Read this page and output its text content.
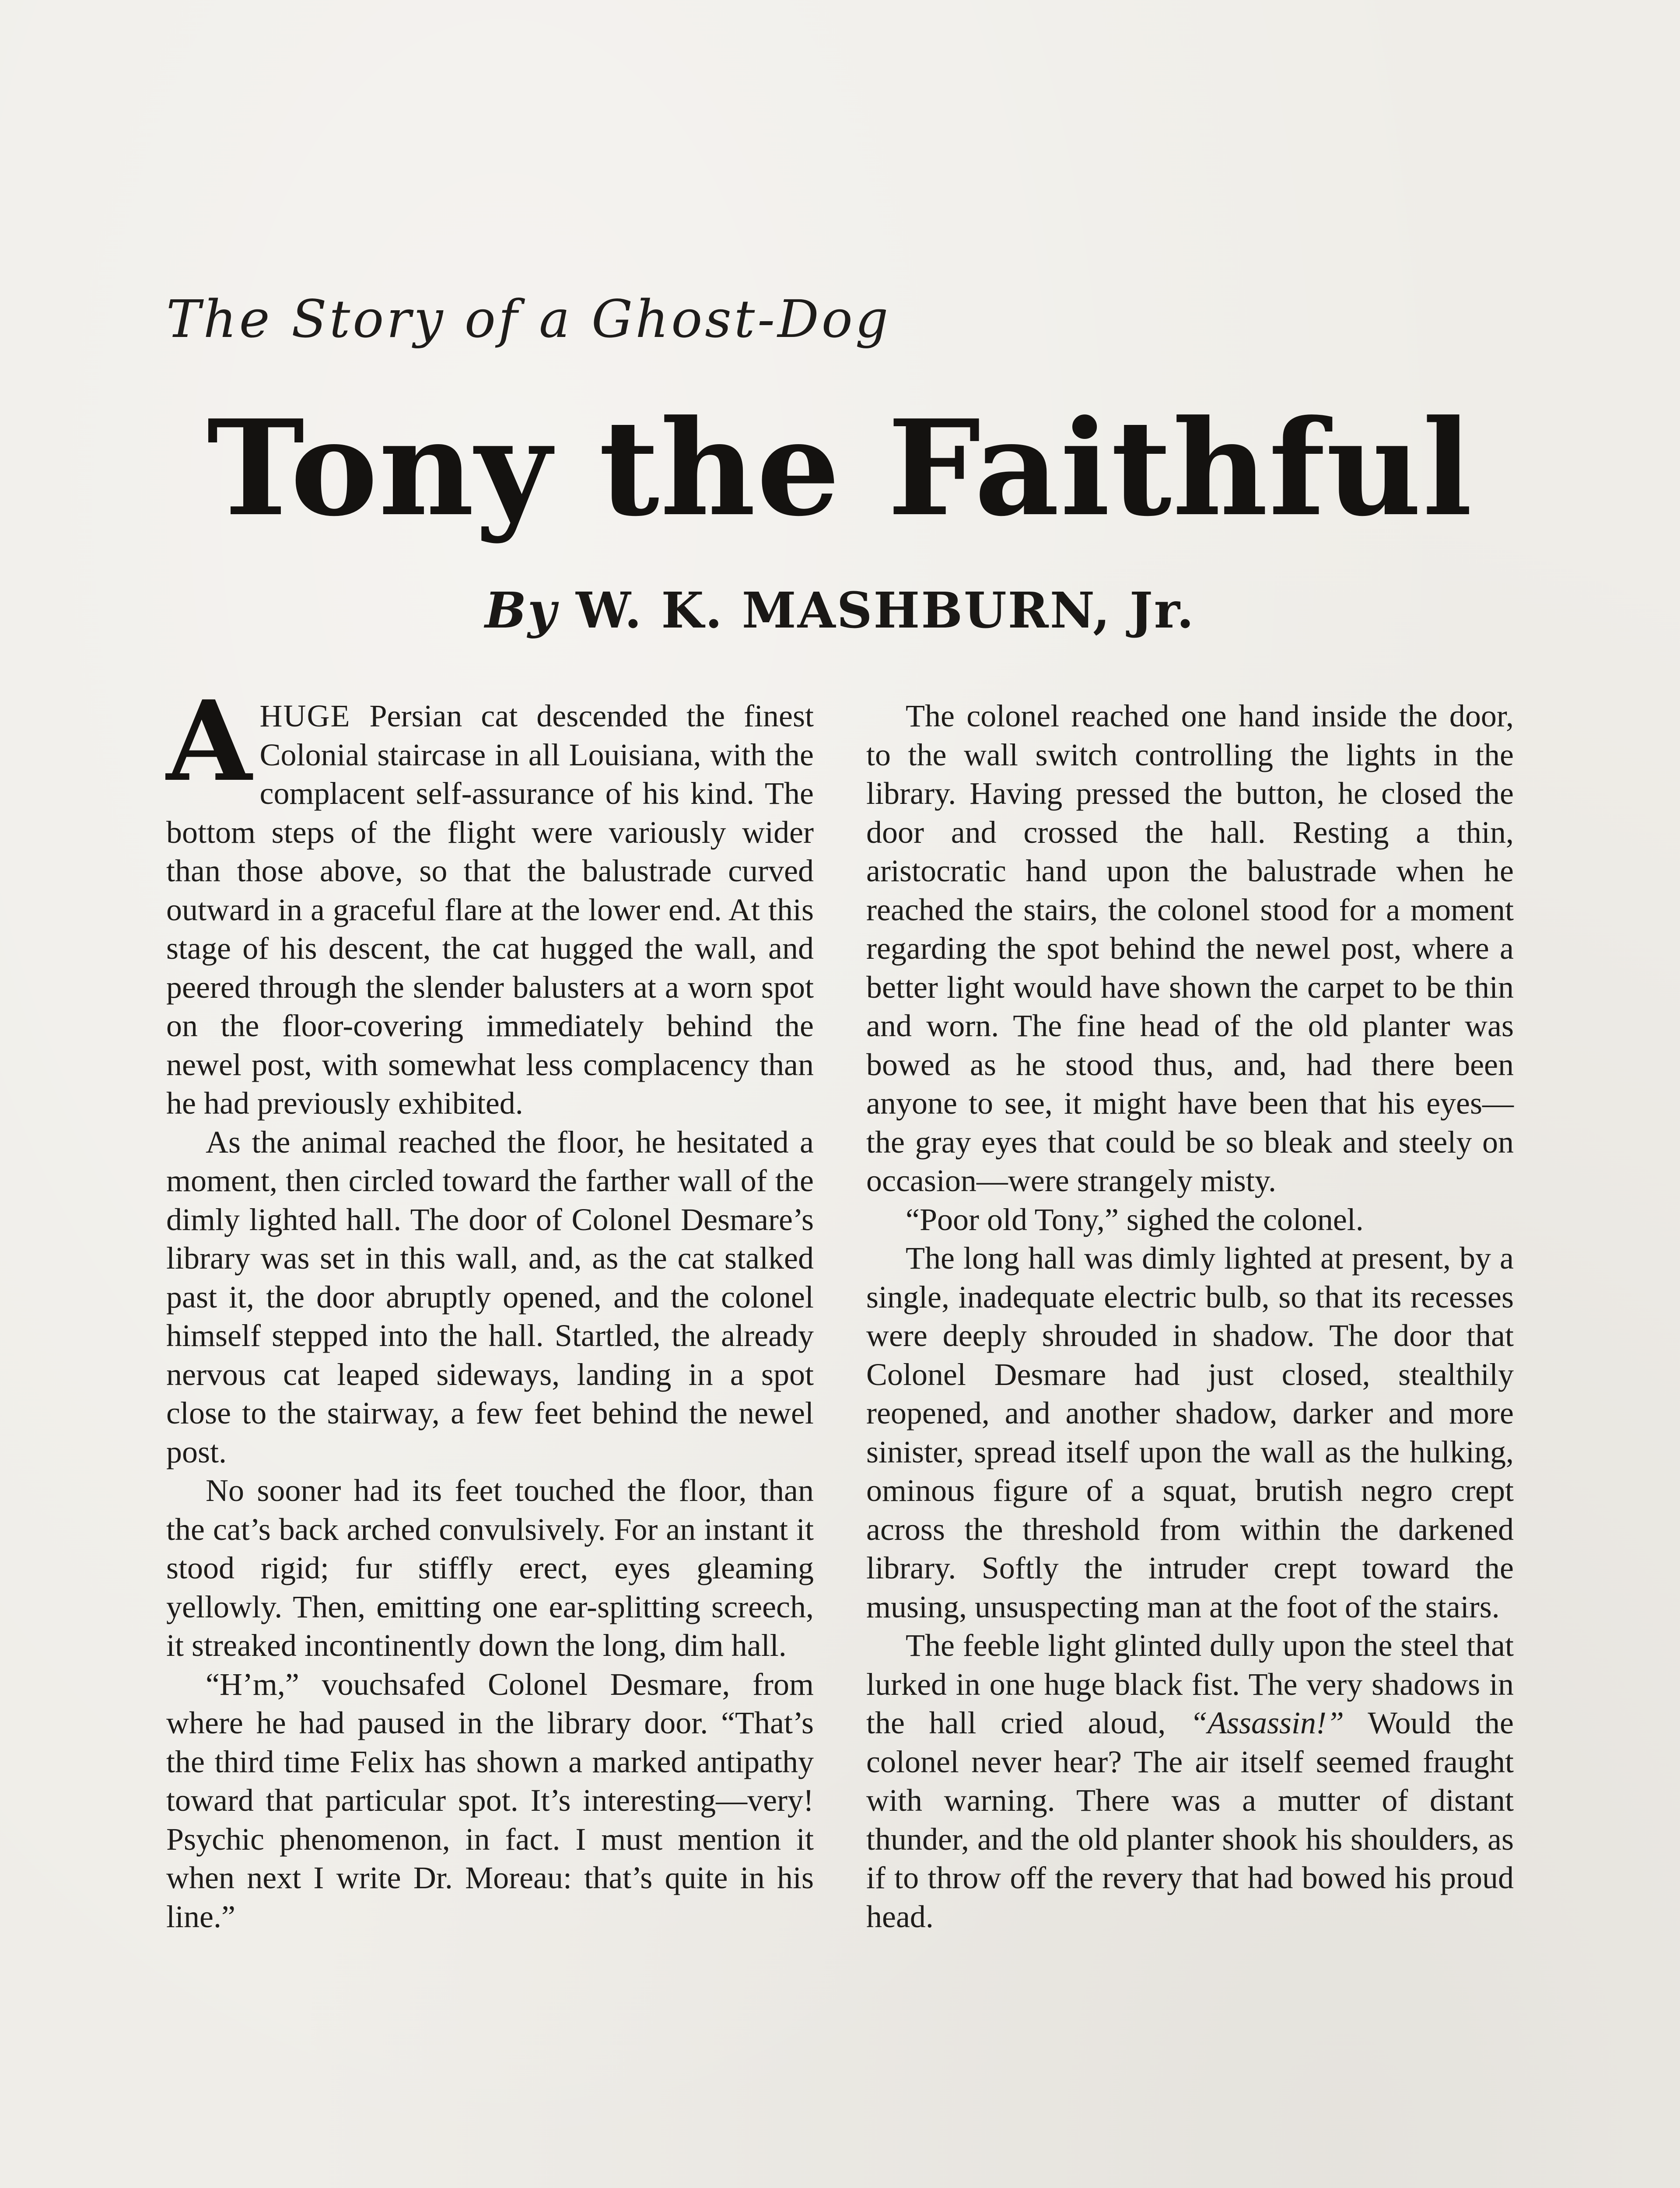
The Story of a Ghost-Dog
Tony the Faithful
By W. K. MASHBURN, Jr.

AHUGE Persian cat descended the finest Colonial staircase in all Louisiana, with the complacent self-assurance of his kind. The bottom steps of the flight were variously wider than those above, so that the balustrade curved outward in a graceful flare at the lower end. At this stage of his descent, the cat hugged the wall, and peered through the slender balusters at a worn spot on the floor-covering immediately behind the newel post, with somewhat less complacency than he had previously exhibited.

As the animal reached the floor, he hesitated a moment, then circled toward the farther wall of the dimly lighted hall. The door of Colonel Desmare’s library was set in this wall, and, as the cat stalked past it, the door abruptly opened, and the colonel himself stepped into the hall. Startled, the already nervous cat leaped sideways, landing in a spot close to the stairway, a few feet behind the newel post.

No sooner had its feet touched the floor, than the cat’s back arched convulsively. For an instant it stood rigid; fur stiffly erect, eyes gleaming yellowly. Then, emitting one ear-splitting screech, it streaked incontinently down the long, dim hall.

“H’m,” vouchsafed Colonel Desmare, from where he had paused in the library door. “That’s the third time Felix has shown a marked antipathy toward that particular spot. It’s interesting—very! Psychic phenomenon, in fact. I must mention it when next I write Dr. Moreau: that’s quite in his line.”

The colonel reached one hand inside the door, to the wall switch controlling the lights in the library. Having pressed the button, he closed the door and crossed the hall. Resting a thin, aristocratic hand upon the balustrade when he reached the stairs, the colonel stood for a moment regarding the spot behind the newel post, where a better light would have shown the carpet to be thin and worn. The fine head of the old planter was bowed as he stood thus, and, had there been anyone to see, it might have been that his eyes—the gray eyes that could be so bleak and steely on occasion—were strangely misty.

“Poor old Tony,” sighed the colonel.

The long hall was dimly lighted at present, by a single, inadequate electric bulb, so that its recesses were deeply shrouded in shadow. The door that Colonel Desmare had just closed, stealthily reopened, and another shadow, darker and more sinister, spread itself upon the wall as the hulking, ominous figure of a squat, brutish negro crept across the threshold from within the darkened library. Softly the intruder crept toward the musing, unsuspecting man at the foot of the stairs.

The feeble light glinted dully upon the steel that lurked in one huge black fist. The very shadows in the hall cried aloud, “Assassin!” Would the colonel never hear? The air itself seemed fraught with warning. There was a mutter of distant thunder, and the old planter shook his shoulders, as if to throw off the revery that had bowed his proud head.
